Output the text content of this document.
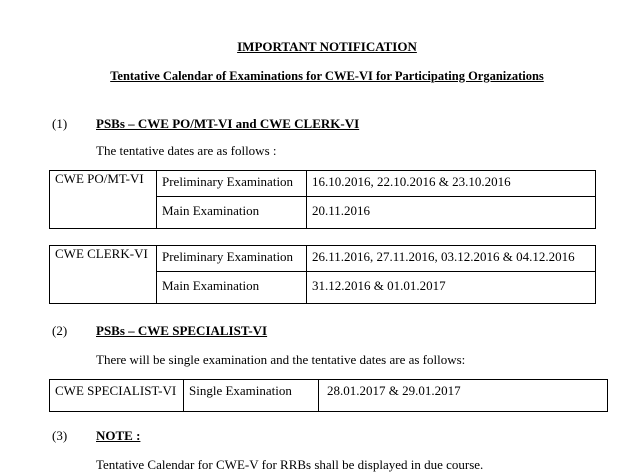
IMPORTANT NOTIFICATION
Tentative Calendar of Examinations for CWE-VI for Participating Organizations
(1) PSBs – CWE PO/MT-VI and CWE CLERK-VI
The tentative dates are as follows :
CWE PO/MT-VI	Preliminary Examination	16.10.2016, 22.10.2016 & 23.10.2016
	Main Examination	20.11.2016
CWE CLERK-VI	Preliminary Examination	26.11.2016, 27.11.2016, 03.12.2016 & 04.12.2016
	Main Examination	31.12.2016 & 01.01.2017
(2) PSBs – CWE SPECIALIST-VI
There will be single examination and the tentative dates are as follows:
CWE SPECIALIST-VI	Single Examination	28.01.2017 & 29.01.2017
(3) NOTE :
Tentative Calendar for CWE-V for RRBs shall be displayed in due course.
